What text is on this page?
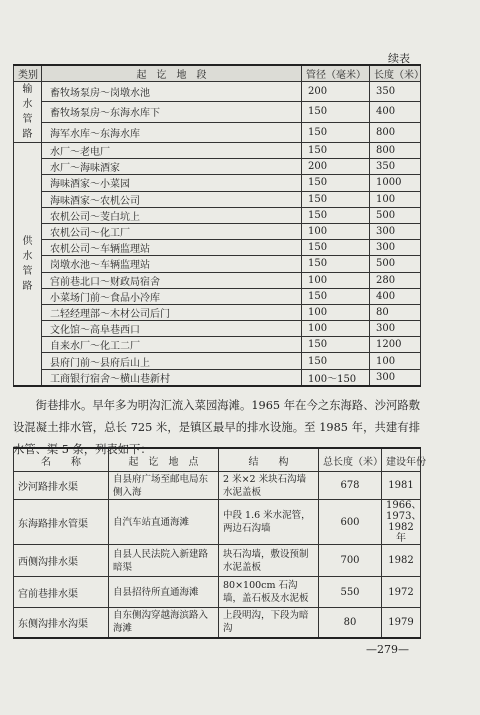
续表
类别	起　讫　地　段	管径（毫米）	长度（米）

输
水
管
路	畜牧场泵房～岗墩水池	200	350
	畜牧场泵房～东海水库下	150	400
	海军水库～东海水库	150	800

供
水
管
路	水厂～老电厂	150	800
	水厂～海味酒家	200	350
	海味酒家～小菜园	150	1000
	海味酒家～农机公司	150	100
	农机公司～芰白坑上	150	500
	农机公司～化工厂	100	300
	农机公司～车辆监理站	150	300
	岗墩水池～车辆监理站	150	500
	宫前巷北口～财政局宿舍	100	280
	小菜场门前～食品小冷库	150	400
	二轻经理部～木材公司后门	100	80
	文化馆～高阜巷西口	100	300
	自来水厂～化工二厂	150	1200
	县府门前～县府后山上	150	100
	工商银行宿舍～横山巷新村	100～150	300

街巷排水。早年多为明沟汇流入菜园海滩。1965 年在今之东海路、沙河路敷设混凝土排水管，总长 725 米，是镇区最早的排水设施。至 1985 年，共建有排水管、渠 5 条，列表如下：

名　　称	起　讫　地　点	结　　构	总长度（米）	建设年份
沙河路排水渠	自县府广场至邮电局东侧入海	2 米×2 米块石沟墙水泥盖板	678	1981
东海路排水管渠	自汽车站直通海滩	中段 1.6 米水泥管，两边石沟墙	600	1966、1973、1982 年
西侧沟排水渠	自县人民法院入新建路暗渠	块石沟墙，敷设预制水泥盖板	700	1982
宫前巷排水渠	自县招待所直通海滩	80×100cm 石沟墙，盖石板及水泥板	550	1972
东侧沟排水沟渠	自东侧沟穿越海滨路入海滩	上段明沟，下段为暗沟	80	1979
—279—
